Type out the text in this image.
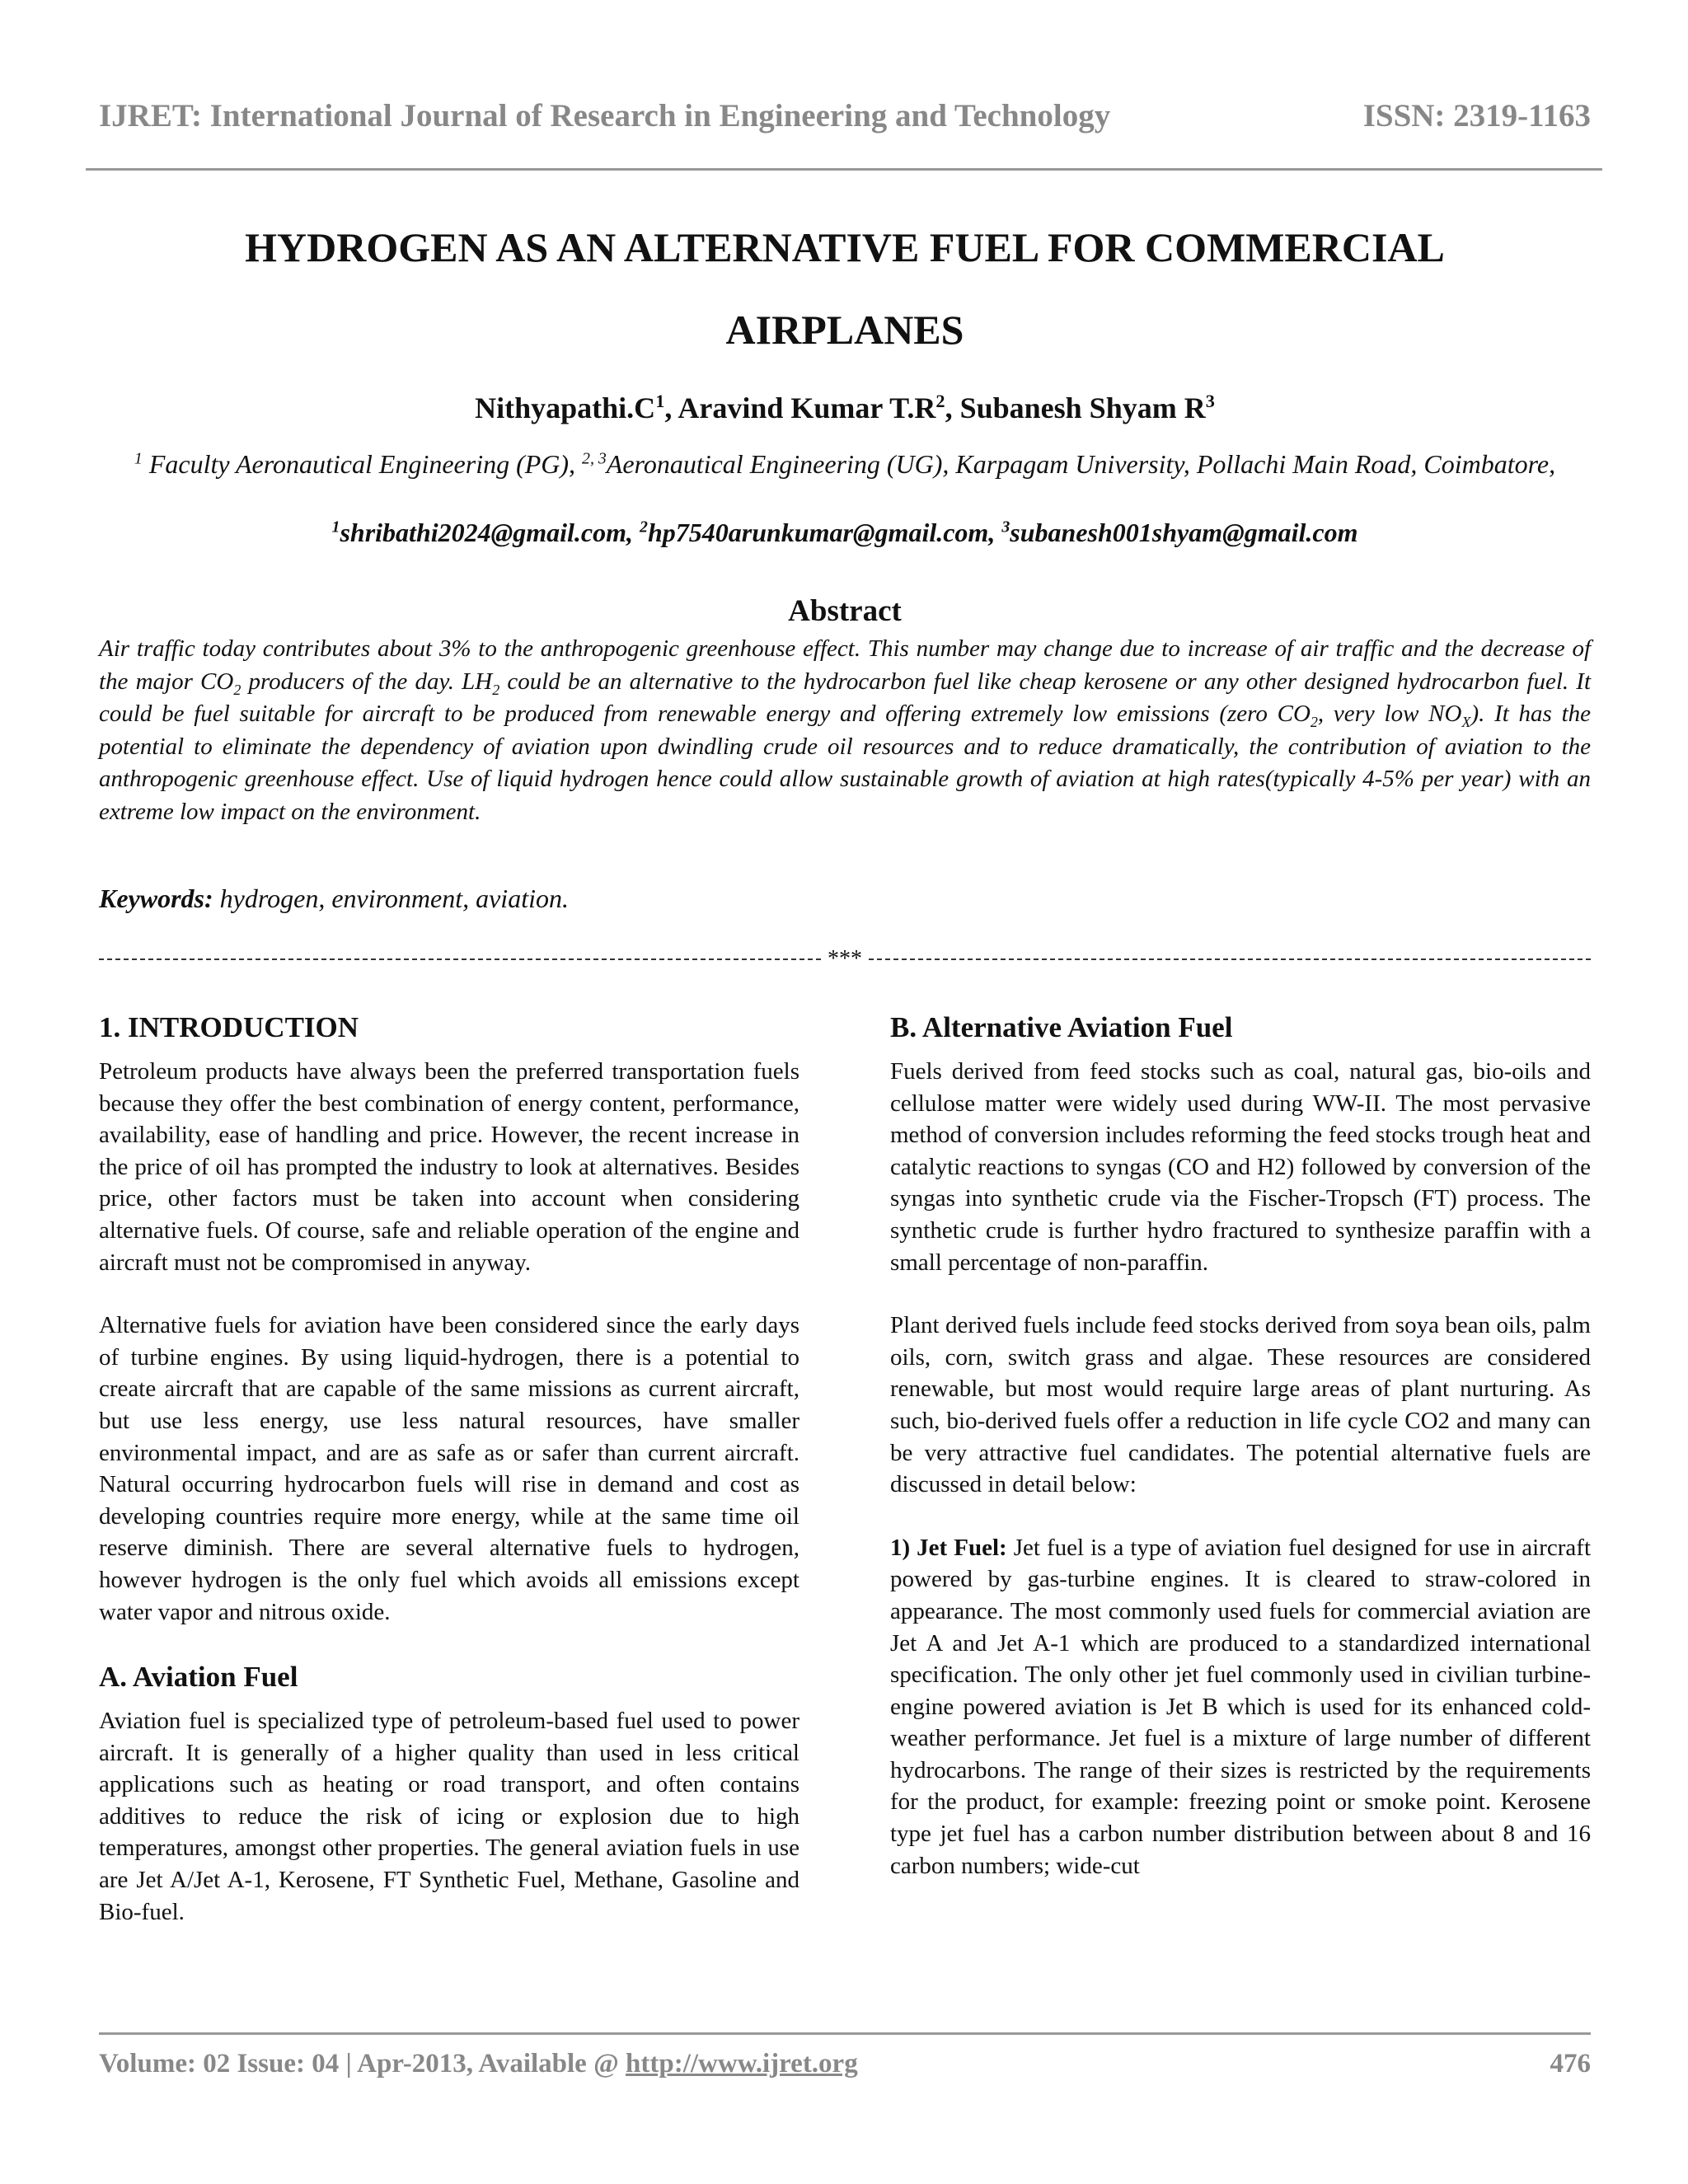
IJRET: International Journal of Research in Engineering and Technology	ISSN: 2319-1163
HYDROGEN AS AN ALTERNATIVE FUEL FOR COMMERCIAL
AIRPLANES
$Nithyapathi.C^1$, Aravind Kumar $T.R^2$, Subanesh Shyam $R^3$
$^1$ Faculty Aeronautical Engineering (PG), $^{2, 3}$Aeronautical Engineering (UG), Karpagam University, Pollachi Main Road, Coimbatore,
$^1$shribathi2024@gmail.com, $^2$hp7540arunkumar@gmail.com, $^3$subanesh001shyam@gmail.com
Abstract

Air traffic today contributes about 3% to the anthropogenic greenhouse effect. This number may change due to increase of air traffic and the decrease of the major $CO_2$ producers of the day. $LH_2$ could be an alternative to the hydrocarbon fuel like cheap kerosene or any other designed hydrocarbon fuel. It could be fuel suitable for aircraft to be produced from renewable energy and offering extremely low emissions (zero $CO_2$, very low $NO_X$). It has the potential to eliminate the dependency of aviation upon dwindling crude oil resources and to reduce dramatically, the contribution of aviation to the anthropogenic greenhouse effect. Use of liquid hydrogen hence could allow sustainable growth of aviation at high rates(typically 4-5% per year) with an extreme low impact on the environment.

Keywords: hydrogen, environment, aviation.
***
1. INTRODUCTION

Petroleum products have always been the preferred transportation fuels because they offer the best combination of energy content, performance, availability, ease of handling and price. However, the recent increase in the price of oil has prompted the industry to look at alternatives. Besides price, other factors must be taken into account when considering alternative fuels. Of course, safe and reliable operation of the engine and aircraft must not be compromised in anyway.

Alternative fuels for aviation have been considered since the early days of turbine engines. By using liquid-hydrogen, there is a potential to create aircraft that are capable of the same missions as current aircraft, but use less energy, use less natural resources, have smaller environmental impact, and are as safe as or safer than current aircraft. Natural occurring hydrocarbon fuels will rise in demand and cost as developing countries require more energy, while at the same time oil reserve diminish. There are several alternative fuels to hydrogen, however hydrogen is the only fuel which avoids all emissions except water vapor and nitrous oxide.

A. Aviation Fuel

Aviation fuel is specialized type of petroleum-based fuel used to power aircraft. It is generally of a higher quality than used in less critical applications such as heating or road transport, and often contains additives to reduce the risk of icing or explosion due to high temperatures, amongst other properties. The general aviation fuels in use are Jet A/Jet A-1, Kerosene, FT Synthetic Fuel, Methane, Gasoline and Bio-fuel.

B. Alternative Aviation Fuel

Fuels derived from feed stocks such as coal, natural gas, bio-oils and cellulose matter were widely used during WW-II. The most pervasive method of conversion includes reforming the feed stocks trough heat and catalytic reactions to syngas (CO and H2) followed by conversion of the syngas into synthetic crude via the Fischer-Tropsch (FT) process. The synthetic crude is further hydro fractured to synthesize paraffin with a small percentage of non-paraffin.

Plant derived fuels include feed stocks derived from soya bean oils, palm oils, corn, switch grass and algae. These resources are considered renewable, but most would require large areas of plant nurturing. As such, bio-derived fuels offer a reduction in life cycle CO2 and many can be very attractive fuel candidates. The potential alternative fuels are discussed in detail below:

1) Jet Fuel: Jet fuel is a type of aviation fuel designed for use in aircraft powered by gas-turbine engines. It is cleared to straw-colored in appearance. The most commonly used fuels for commercial aviation are Jet A and Jet A-1 which are produced to a standardized international specification. The only other jet fuel commonly used in civilian turbine-engine powered aviation is Jet B which is used for its enhanced cold-weather performance. Jet fuel is a mixture of large number of different hydrocarbons. The range of their sizes is restricted by the requirements for the product, for example: freezing point or smoke point. Kerosene type jet fuel has a carbon number distribution between about 8 and 16 carbon numbers; wide-cut

Volume: 02 Issue: 04 | Apr-2013, Available @ http://www.ijret.org	476
